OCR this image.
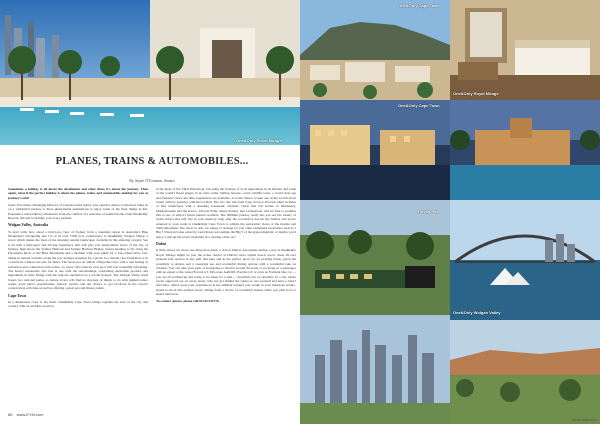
One&Only Cape Town
One&Only Royal Mirage
One&Only Cape Town
Rovos Rail
One&Only Wolgan Valley
One&Only Royal Mirage
PLANES, TRAINS & AUTOMOBILES...
By Jayne O'Gorman, Amaro

Sometimes a holiday is all about the destination and other times it's about the journey. Then again, what if the perfect holiday is about the planes, trains and automobiles making for you at journey's end?

Jayne O'Gorman, Managing Director of Chester-based luxury tour operator Amaro Collection, takes us on a whirlwind journey to three phenomenal destinations to enjoy some of the finer things in life. Experience extraordinary adventures from the comfort of a selection of palatial hotels from One&Only Resorts, tailored to indulge your every passion.

Wolgan Valley, Australia

To start with, how about a bird's-eye view of Sydney from a stunning retreat in Australia's Blue Mountains? Occupying just 1% of its own 7,000 acre conservancy is One&Only Wolgan Valley, a resort which makes the most of the stunning natural landscapes available in this amazing country. See it all with a helicopter and driving experience that will give you unparalleled views of the city of Sydney, high above the Sydney Harbour and Sydney Harbour Bridge, before heading to fly along the Parramatta River to the Blue Mountains and a moment with your guide for a four-wheel drive tour, taking in natural wonders along the way perhaps stopping for a picnic in a natural cave formation or in a rainforest without one else for miles. The resort has an almost village-like feel, with a real feeling of relaxation and connection with nature, so every villa with its own pool will feel tranquilly refreshing. The hotel's restaurants also feel at one with the surroundings, celebrating Australian produce and ingredients in their dining with the region's reputation as a foodie hotspot. The Wolgan Valley itself boasts two national parks, so nature lovers will find no shortage of things to do with guided nature walks, great photo opportunities, historic picnics and the chance to get involved in the resort's conservation activities as well as offering a great spa and fitness centre.

Cape Town

In a destination close to my heart, One&Only Cape Town brings together the best of the city and country with an enviable location

in the heart of the V&A Waterfront, but using the freshest of local ingredients in its kitchen and some of the world's finest grapes in its wine cellar. Sailing lessons, ocean wildlife tours, a world class spa and fantastic views and dine experiences are available, as is the chance to take one of the world's most scenic railway journeys with Rovos Rail. The two day trip from Cape Town to Pretoria takes in miles of fine landscapes with a stunning restaurant, fantastic vistas that tell stories of Kimberley, Matjiesfontein and the Karoo, Victoria Falls, where Stanley met Livingstone, and it's fine to promise this is one of Africa's finest natural wonders. The 5000km journey really lets you see the beauty of South Africa and will live in your memory long after the locomotive has hit the buffers and you're returned to your room at One&Only Cape Town to admire the panoramic views of the marina and Table Mountain. The resort is only too happy to arrange for you other enchanted excursions such as a Big 5 Vineyard wine safari by Land Rover and sample the Big 5 of the grape kingdom, or maybe you'd enjoy a ride up the iconic mountain in a rotating cable car?

Dubai

If time allows we move one thing more then, a visit to Dubai. Aeroplanes during a stay at One&Only Royal Mirage might be just the ticket. Aerial at Dubai's most stylish beach resort, these 65-acre grounds feel spotted in any gulf that here and in the perfect place for an exciting break, given the proximity to Arjuna and a sweeping sea and wonderful dining options with a wonderful take on aviation. You can take your pick of aeroplanes to thrown around the track or go along as a passenger with an expert at the wheel Ferrari GT, McLaren, Audi R8, Porsche GT or even an Formula One car — you are all warmed up and ready to be taken for a spin — hopefully not too literally! In a city where exotic supercars are on every street, why not get behind the wheel of one yourself and have a blast? And later, reflect upon your experiences in the ambient lounges you awake in your luxurious Arabic-styled room in this palatial resort, dining from a choice of wonderful menus while you plan how to spend tomorrow.

To contact Amaro, please call 01244 532770.

66 www.EYM.com
amarohols.com
